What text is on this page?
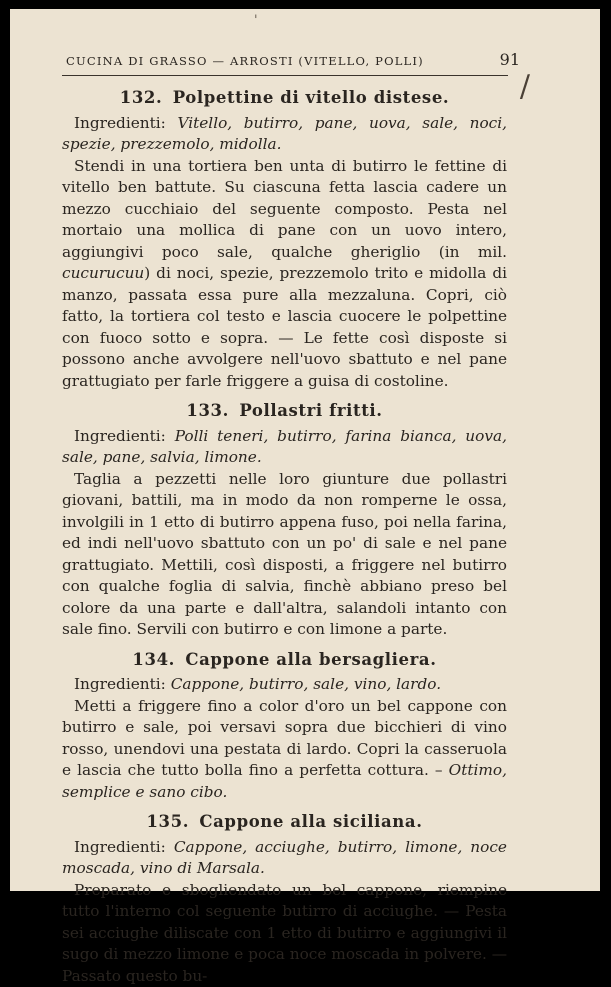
'
CUCINA DI GRASSO — ARROSTI (VITELLO, POLLI)	91
/
132. Polpettine di vitello distese.

Ingredienti: Vitello, butirro, pane, uova, sale, noci, spezie, prezzemolo, midolla.

Stendi in una tortiera ben unta di butirro le fettine di vitello ben battute. Su ciascuna fetta lascia cadere un mezzo cucchiaio del seguente composto. Pesta nel mortaio una mollica di pane con un uovo intero, aggiungivi poco sale, qualche gheriglio (in mil. cucurucuu) di noci, spezie, prezzemolo trito e midolla di manzo, passata essa pure alla mezzaluna. Copri, ciò fatto, la tortiera col testo e lascia cuocere le polpettine con fuoco sotto e sopra. — Le fette così disposte si possono anche avvolgere nell'uovo sbattuto e nel pane grattugiato per farle friggere a guisa di costoline.

133. Pollastri fritti.

Ingredienti: Polli teneri, butirro, farina bianca, uova, sale, pane, salvia, limone.

Taglia a pezzetti nelle loro giunture due pollastri giovani, battili, ma in modo da non romperne le ossa, involgili in 1 etto di butirro appena fuso, poi nella farina, ed indi nell'uovo sbattuto con un po' di sale e nel pane grattugiato. Mettili, così disposti, a friggere nel butirro con qualche foglia di salvia, finchè abbiano preso bel colore da una parte e dall'altra, salandoli intanto con sale fino. Servili con butirro e con limone a parte.

134. Cappone alla bersagliera.

Ingredienti: Cappone, butirro, sale, vino, lardo.

Metti a friggere fino a color d'oro un bel cappone con butirro e sale, poi versavi sopra due bicchieri di vino rosso, unendovi una pestata di lardo. Copri la casseruola e lascia che tutto bolla fino a perfetta cottura. – Ottimo, semplice e sano cibo.

135. Cappone alla siciliana.

Ingredienti: Cappone, acciughe, butirro, limone, noce moscada, vino di Marsala.

Preparato e sbogliendato un bel cappone, riempine tutto l'interno col seguente butirro di acciughe. — Pesta sei acciughe diliscate con 1 etto di butirro e aggiungivi il sugo di mezzo limone e poca noce moscada in polvere. — Passato questo bu-
